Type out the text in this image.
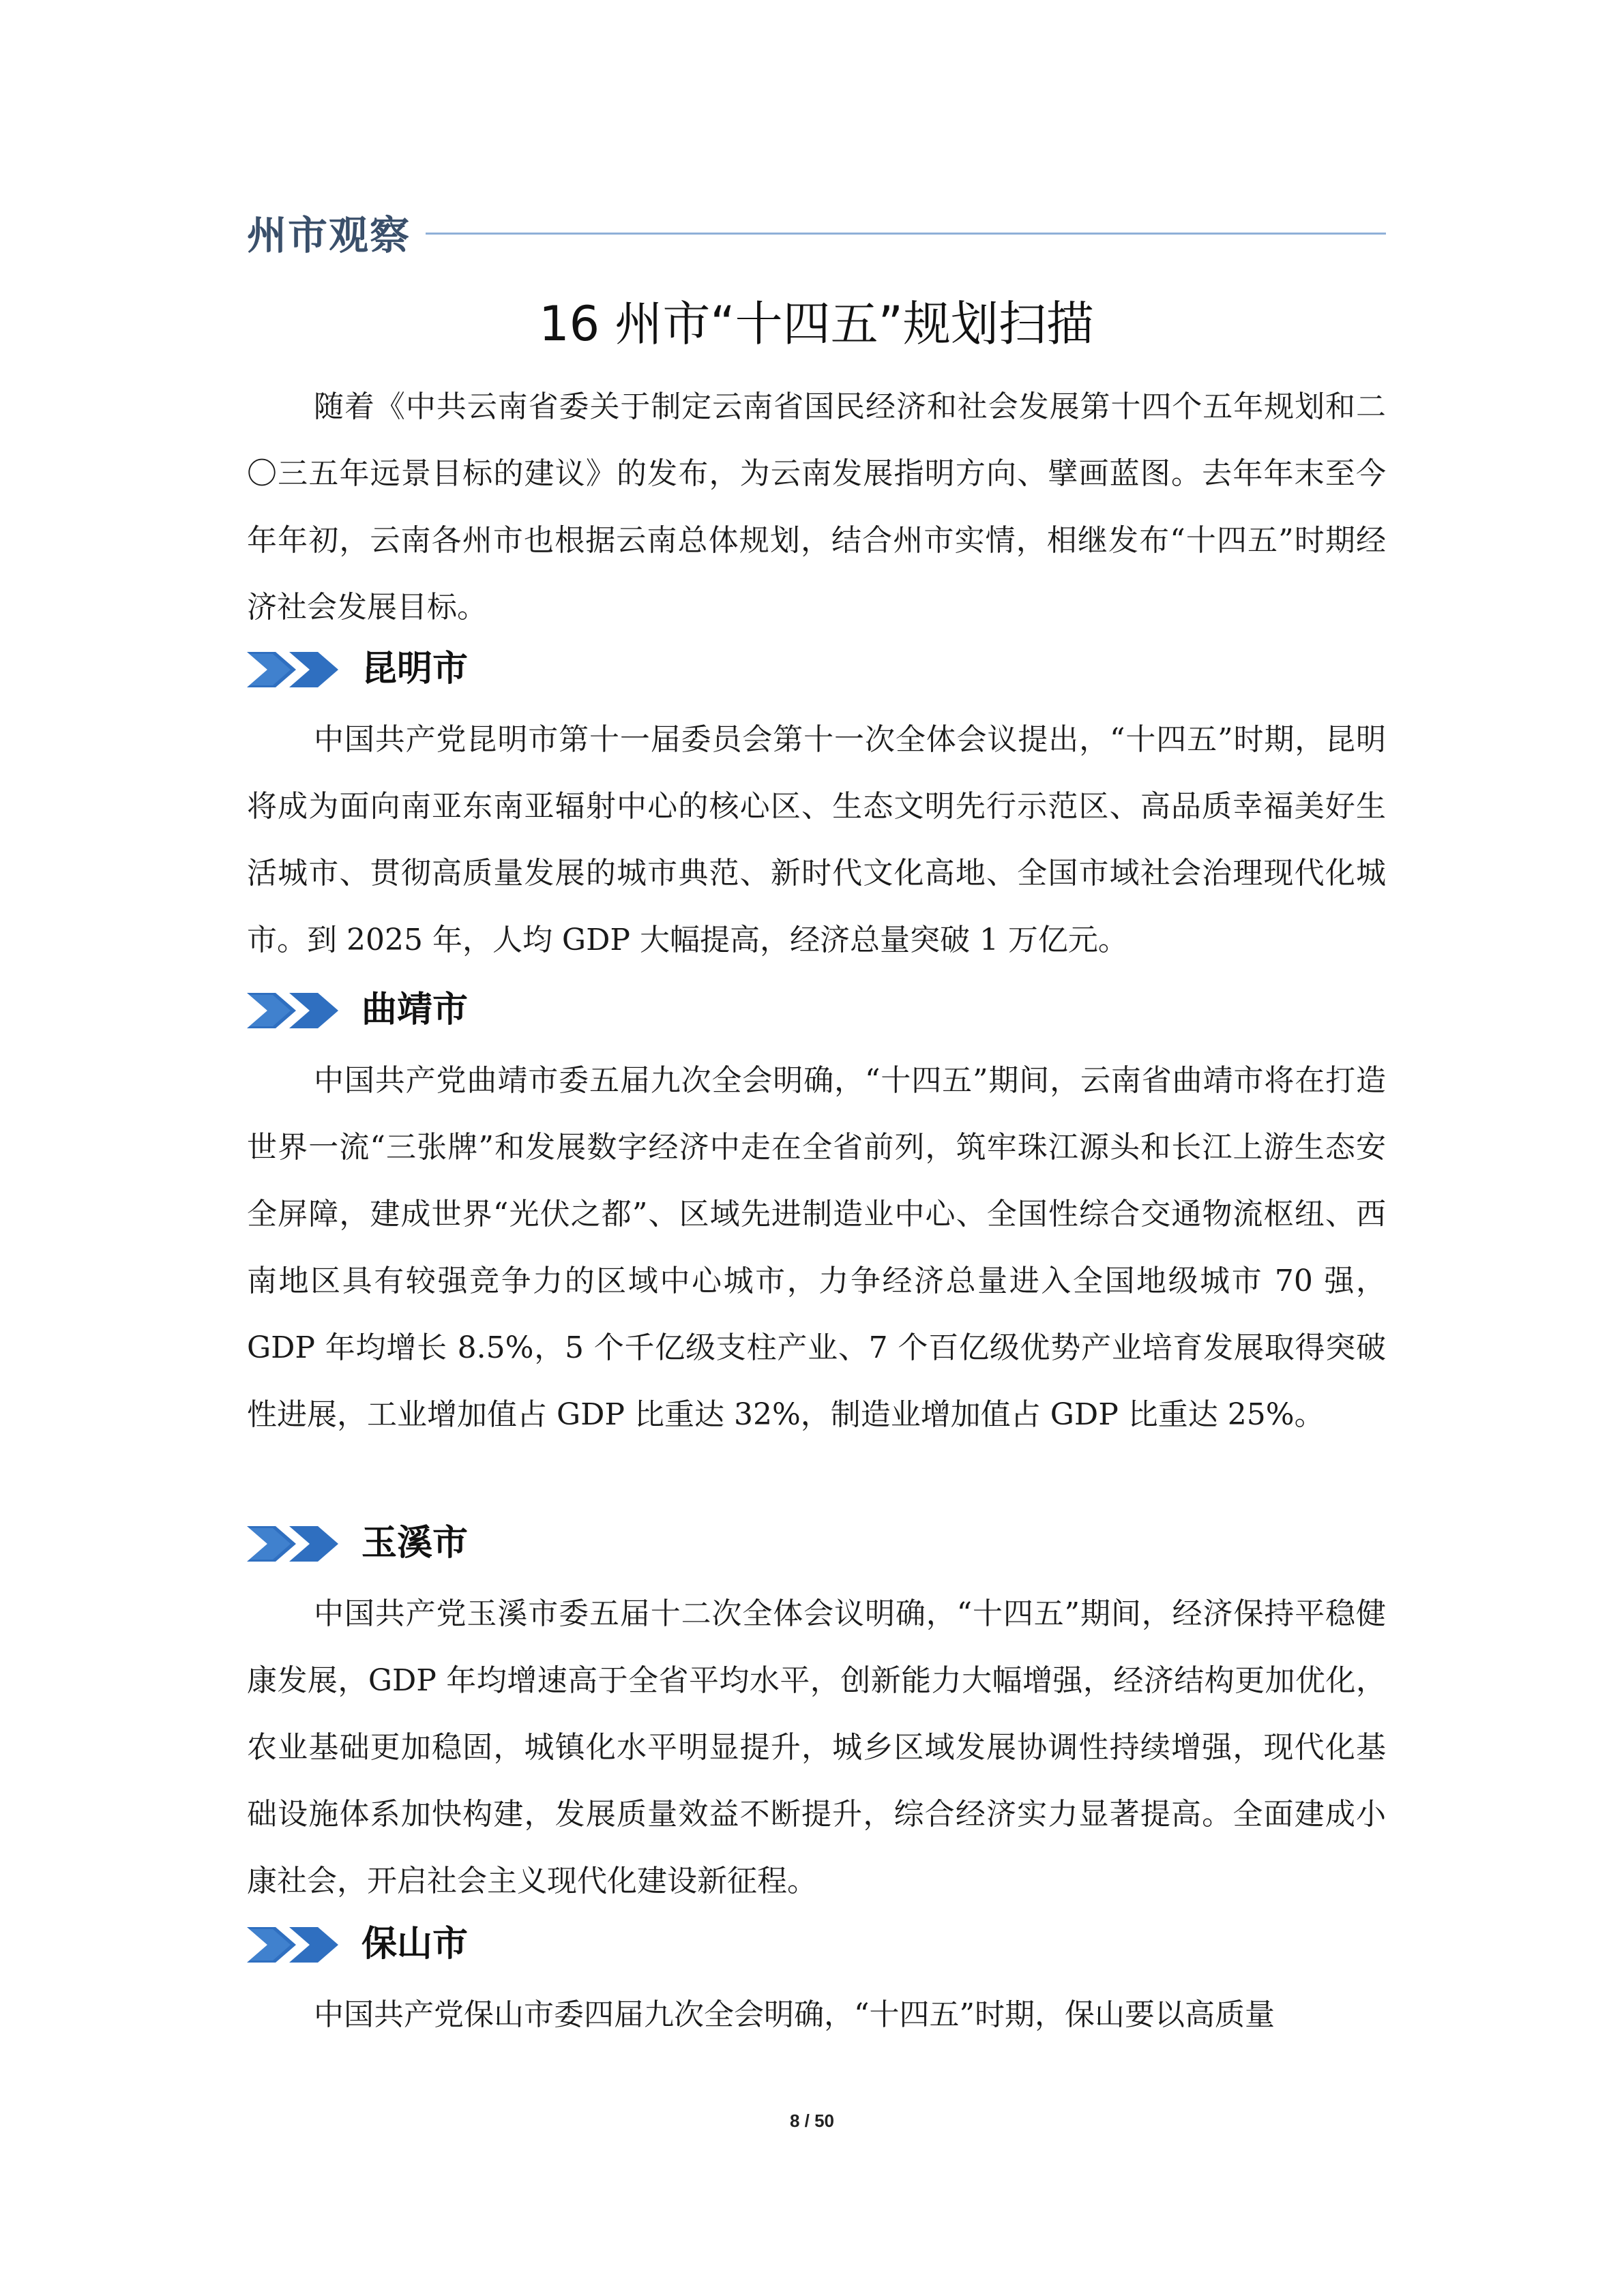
州市观察
16 州市“十四五”规划扫描

随着《中共云南省委关于制定云南省国民经济和社会发展第十四个五年规划和二〇三五年远景目标的建议》的发布，为云南发展指明方向、擘画蓝图。去年年末至今年年初，云南各州市也根据云南总体规划，结合州市实情，相继发布“十四五”时期经济社会发展目标。

昆明市

中国共产党昆明市第十一届委员会第十一次全体会议提出，“十四五”时期，昆明将成为面向南亚东南亚辐射中心的核心区、生态文明先行示范区、高品质幸福美好生活城市、贯彻高质量发展的城市典范、新时代文化高地、全国市域社会治理现代化城市。到 2025 年，人均 GDP 大幅提高，经济总量突破 1 万亿元。

曲靖市

中国共产党曲靖市委五届九次全会明确，“十四五”期间，云南省曲靖市将在打造世界一流“三张牌”和发展数字经济中走在全省前列，筑牢珠江源头和长江上游生态安全屏障，建成世界“光伏之都”、区域先进制造业中心、全国性综合交通物流枢纽、西南地区具有较强竞争力的区域中心城市，力争经济总量进入全国地级城市 70 强，GDP 年均增长 8.5%，5 个千亿级支柱产业、7 个百亿级优势产业培育发展取得突破性进展，工业增加值占 GDP 比重达 32%，制造业增加值占 GDP 比重达 25%。

玉溪市

中国共产党玉溪市委五届十二次全体会议明确，“十四五”期间，经济保持平稳健康发展，GDP 年均增速高于全省平均水平，创新能力大幅增强，经济结构更加优化，农业基础更加稳固，城镇化水平明显提升，城乡区域发展协调性持续增强，现代化基础设施体系加快构建，发展质量效益不断提升，综合经济实力显著提高。全面建成小康社会，开启社会主义现代化建设新征程。

保山市

中国共产党保山市委四届九次全会明确，“十四五”时期，保山要以高质量

8 / 50
